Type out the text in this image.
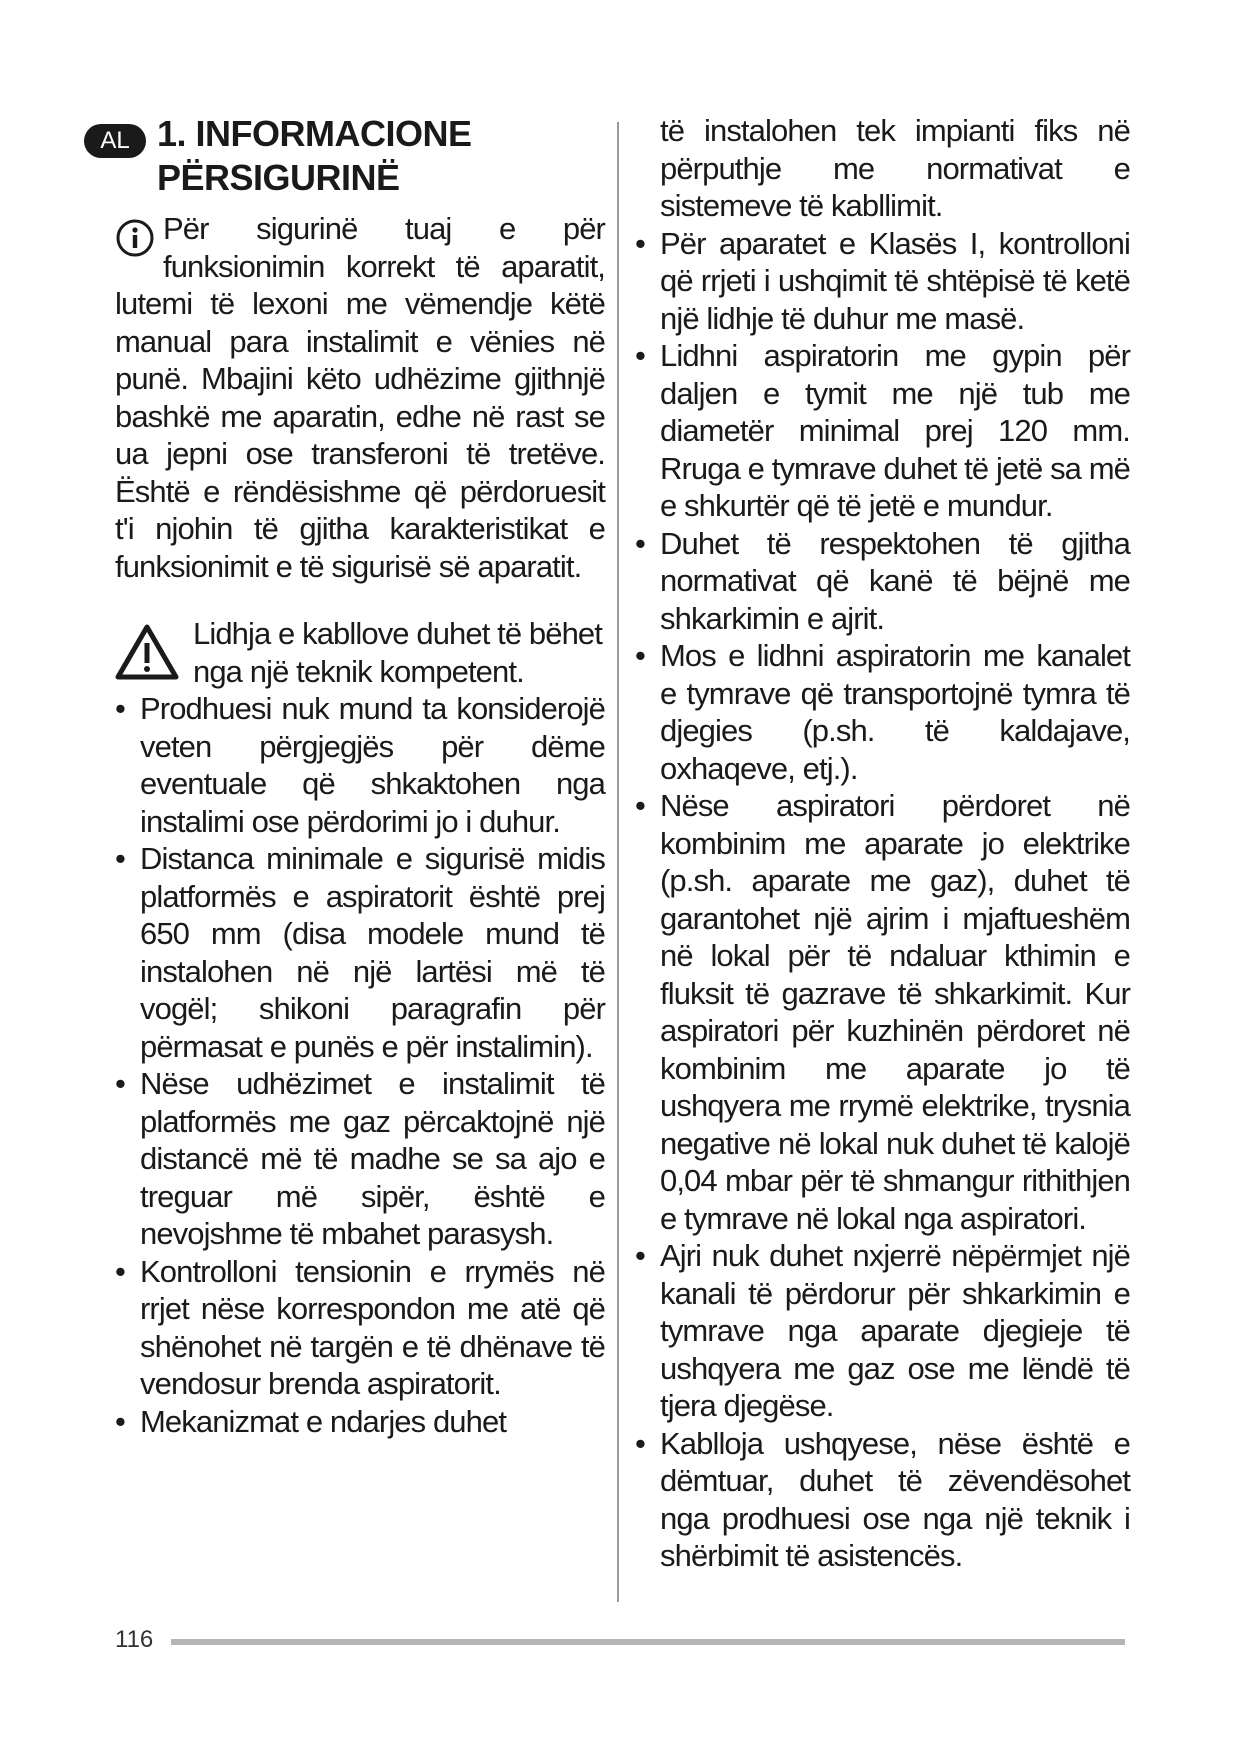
AL 1. INFORMACIONE
PËRSIGURINË

Për sigurinë tuaj e për funksionimin korrekt të aparatit, lutemi të lexoni me vëmendje këtë manual para instalimit e vënies në punë. Mbajini këto udhëzime gjithnjë bashkë me aparatin, edhe në rast se ua jepni ose transferoni të tretëve. Është e rëndësishme që përdoruesit t'i njohin të gjitha karakteristikat e funksionimit e të sigurisë së aparatit.

Lidhja e kabllove duhet të bëhet nga një teknik kompetent.

• Prodhuesi nuk mund ta konsiderojë veten përgjegjës për dëme eventuale që shkaktohen nga instalimi ose përdorimi jo i duhur.
• Distanca minimale e sigurisë midis platformës e aspiratorit është prej 650 mm (disa modele mund të instalohen në një lartësi më të vogël; shikoni paragrafin për përmasat e punës e për instalimin).
• Nëse udhëzimet e instalimit të platformës me gaz përcaktojnë një distancë më të madhe se sa ajo e treguar më sipër, është e nevojshme të mbahet parasysh.
• Kontrolloni tensionin e rrymës në rrjet nëse korrespondon me atë që shënohet në targën e të dhënave të vendosur brenda aspiratorit.
• Mekanizmat e ndarjes duhet

të instalohen tek impianti fiks në përputhje me normativat e sistemeve të kabllimit.

• Për aparatet e Klasës I, kontrolloni që rrjeti i ushqimit të shtëpisë të ketë një lidhje të duhur me masë.
• Lidhni aspiratorin me gypin për daljen e tymit me një tub me diametër minimal prej 120 mm. Rruga e tymrave duhet të jetë sa më e shkurtër që të jetë e mundur.
• Duhet të respektohen të gjitha normativat që kanë të bëjnë me shkarkimin e ajrit.
• Mos e lidhni aspiratorin me kanalet e tymrave që transportojnë tymra të djegies (p.sh. të kaldajave, oxhaqeve, etj.).
• Nëse aspiratori përdoret në kombinim me aparate jo elektrike (p.sh. aparate me gaz), duhet të garantohet një ajrim i mjaftueshëm në lokal për të ndaluar kthimin e fluksit të gazrave të shkarkimit. Kur aspiratori për kuzhinën përdoret në kombinim me aparate jo të ushqyera me rrymë elektrike, trysnia negative në lokal nuk duhet të kalojë 0,04 mbar për të shmangur rithithjen e tymrave në lokal nga aspiratori.
• Ajri nuk duhet nxjerrë nëpërmjet një kanali të përdorur për shkarkimin e tymrave nga aparate djegieje të ushqyera me gaz ose me lëndë të tjera djegëse.
• Kablloja ushqyese, nëse është e dëmtuar, duhet të zëvendësohet nga prodhuesi ose nga një teknik i shërbimit të asistencës.
116
